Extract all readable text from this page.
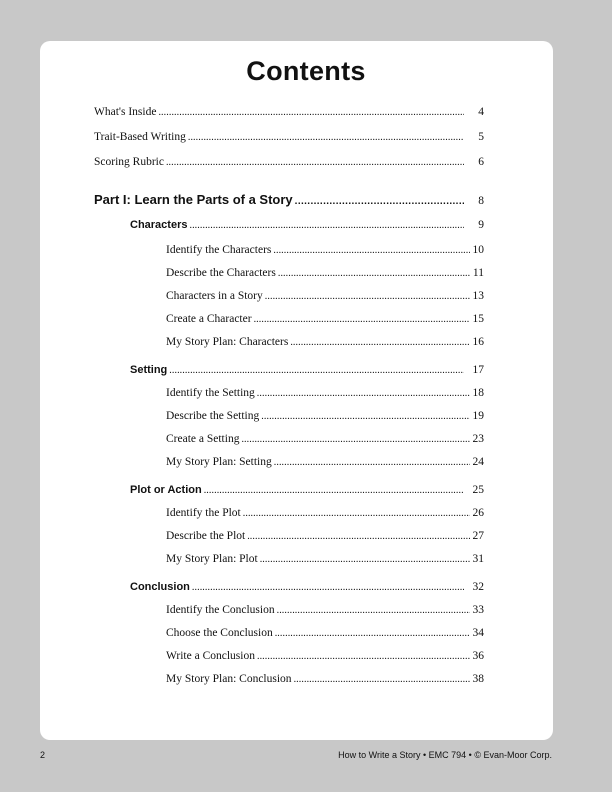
Contents
What's Inside . . .	4
Trait-Based Writing . . .	5
Scoring Rubric . . .	6
Part I: Learn the Parts of a Story . . .	8
Characters . . .	9
Identify the Characters . . .	10
Describe the Characters . . .	11
Characters in a Story . . .	13
Create a Character . . .	15
My Story Plan: Characters . . .	16
Setting . . .	17
Identify the Setting . . .	18
Describe the Setting . . .	19
Create a Setting . . .	23
My Story Plan: Setting . . .	24
Plot or Action . . .	25
Identify the Plot . . .	26
Describe the Plot . . .	27
My Story Plan: Plot . . .	31
Conclusion . . .	32
Identify the Conclusion . . .	33
Choose the Conclusion . . .	34
Write a Conclusion . . .	36
My Story Plan: Conclusion . . .	38
2	How to Write a Story • EMC 794 • © Evan-Moor Corp.
